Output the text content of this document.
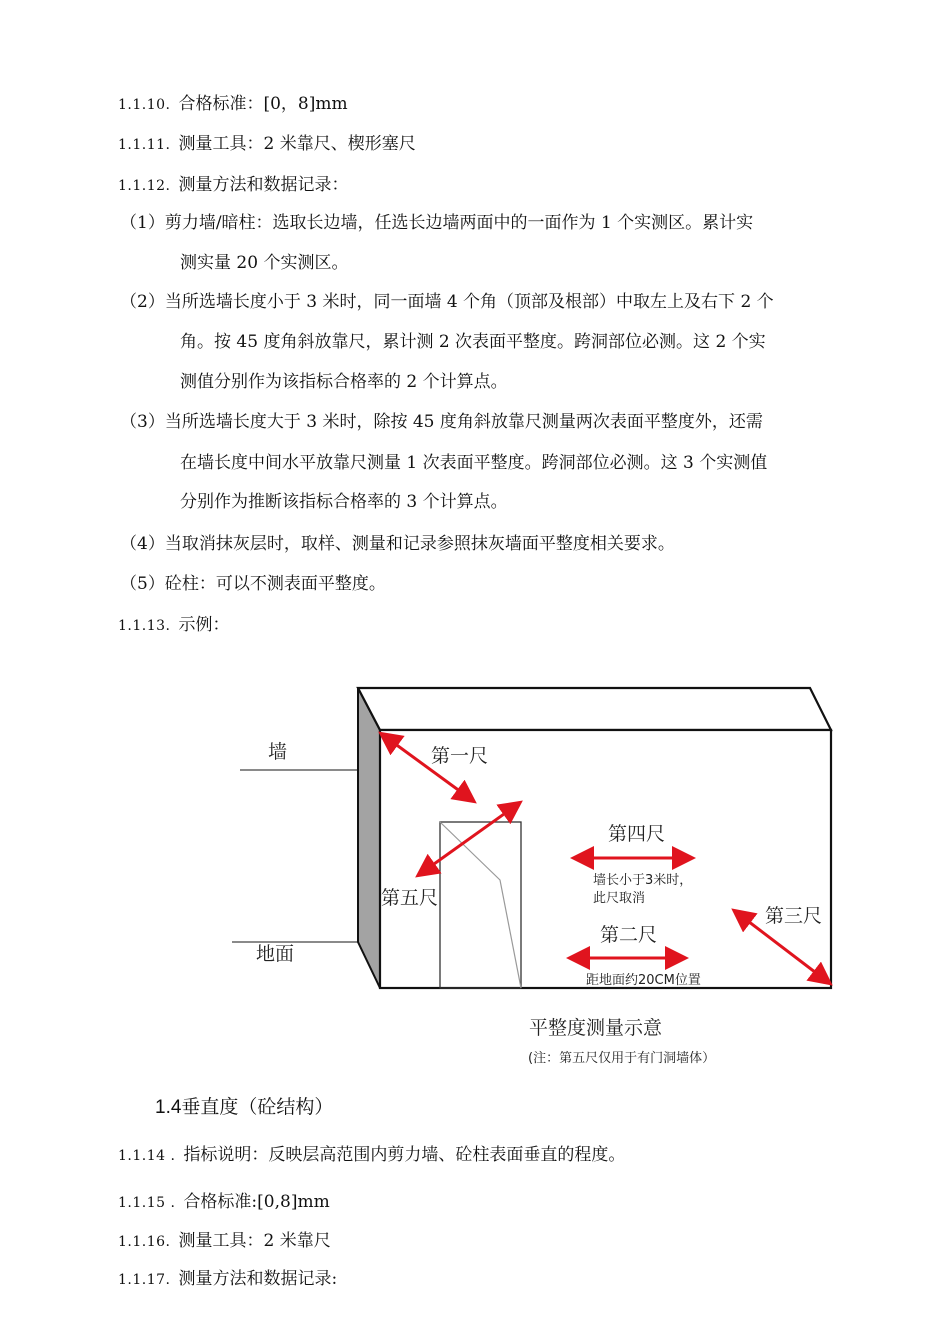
1.1.10. 合格标准：[0，8]mm
1.1.11. 测量工具：2 米靠尺、楔形塞尺
1.1.12. 测量方法和数据记录：
（1）剪力墙/暗柱：选取长边墙，任选长边墙两面中的一面作为 1 个实测区。累计实
测实量 20 个实测区。
（2）当所选墙长度小于 3 米时，同一面墙 4 个角（顶部及根部）中取左上及右下 2 个
角。按 45 度角斜放靠尺，累计测 2 次表面平整度。跨洞部位必测。这 2 个实
测值分别作为该指标合格率的 2 个计算点。
（3）当所选墙长度大于 3 米时，除按 45 度角斜放靠尺测量两次表面平整度外，还需
在墙长度中间水平放靠尺测量 1 次表面平整度。跨洞部位必测。这 3 个实测值
分别作为推断该指标合格率的 3 个计算点。
（4）当取消抹灰层时，取样、测量和记录参照抹灰墙面平整度相关要求。
（5）砼柱：可以不测表面平整度。
1.1.13. 示例：
墙
地面
第一尺
第四尺
墙长小于3米时，
此尺取消
第二尺
距地面约20CM位置
第三尺
第五尺
平整度测量示意
(注：第五尺仅用于有门洞墙体）
1.4垂直度（砼结构）
1.1.14 . 指标说明：反映层高范围内剪力墙、砼柱表面垂直的程度。
1.1.15 . 合格标准:[0,8]mm
1.1.16. 测量工具：2 米靠尺
1.1.17. 测量方法和数据记录:
